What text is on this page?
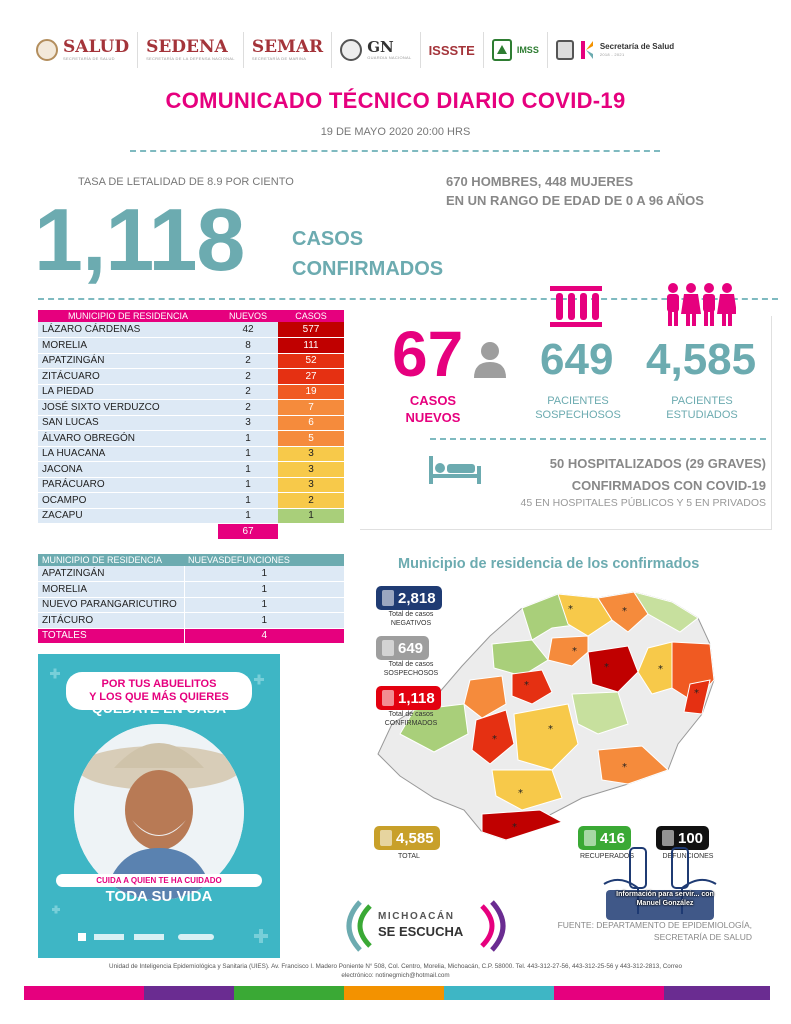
SALUD
SECRETARÍA DE SALUD
SEDENA
SECRETARÍA DE LA DEFENSA NACIONAL
SEMAR
SECRETARÍA DE MARINA
GN
GUARDIA NACIONAL ISSSTE	IMSS	Secretaría de Salud
2018 - 2021
COMUNICADO TÉCNICO DIARIO COVID-19
19 DE MAYO 2020 20:00 HRS
TASA DE LETALIDAD DE 8.9 POR CIENTO	670 HOMBRES, 448 MUJERES
EN UN RANGO DE EDAD DE 0 A 96 AÑOS
1,118 CASOS
CONFIRMADOS
MUNICIPIO DE RESIDENCIA	NUEVOS	CASOS
LÁZARO CÁRDENAS	42	577
MORELIA	8	111
APATZINGÁN	2	52
ZITÁCUARO	2	27
LA PIEDAD	2	19
JOSÉ SIXTO VERDUZCO	2	7
SAN LUCAS	3	6
ÁLVARO OBREGÓN	1	5
LA HUACANA	1	3
JACONA	1	3
PARÁCUARO	1	3
OCAMPO	1	2
ZACAPU	1	1
	67	
MUNICIPIO DE RESIDENCIA	NUEVASDEFUNCIONES
APATZINGÁN	1
MORELIA	1
NUEVO PARANGARICUTIRO	1
ZITÁCURO	1
TOTALES	4
67
CASOS
NUEVOS
649
PACIENTES
SOSPECHOSOS
4,585
PACIENTES
ESTUDIADOS
50 HOSPITALIZADOS (29 GRAVES)
CONFIRMADOS CON COVID-19
45 EN HOSPITALES PÚBLICOS Y 5 EN PRIVADOS
Municipio de residencia de los confirmados
*
*
*
*
*	*
*
*
*
*
*
*
2,818
Total de casos
NEGATIVOS
649
Total de casos
SOSPECHOSOS
1,118
Total de casos
CONFIRMADOS
4,585
TOTAL
416
RECUPERADOS
100
DEFUNCIONES
POR TUS ABUELITOS
Y LOS QUE MÁS QUIERES
QUÉDATE EN CASA
CUIDA A QUIEN TE HA CUIDADO
TODA SU VIDA
MICHOACÁN
SE ESCUCHA	FUENTE: DEPARTAMENTO DE EPIDEMIOLOGÍA,
SECRETARÍA DE SALUD
Información para servir... con Manuel González
Unidad de Inteligencia Epidemiológica y Sanitaria (UIES). Av. Francisco I. Madero Poniente N° 508, Col. Centro, Morelia, Michoacán, C.P. 58000. Tel. 443-312-27-56, 443-312-25-56 y 443-312-2813, Correo
electrónico: notinegmich@hotmail.com
